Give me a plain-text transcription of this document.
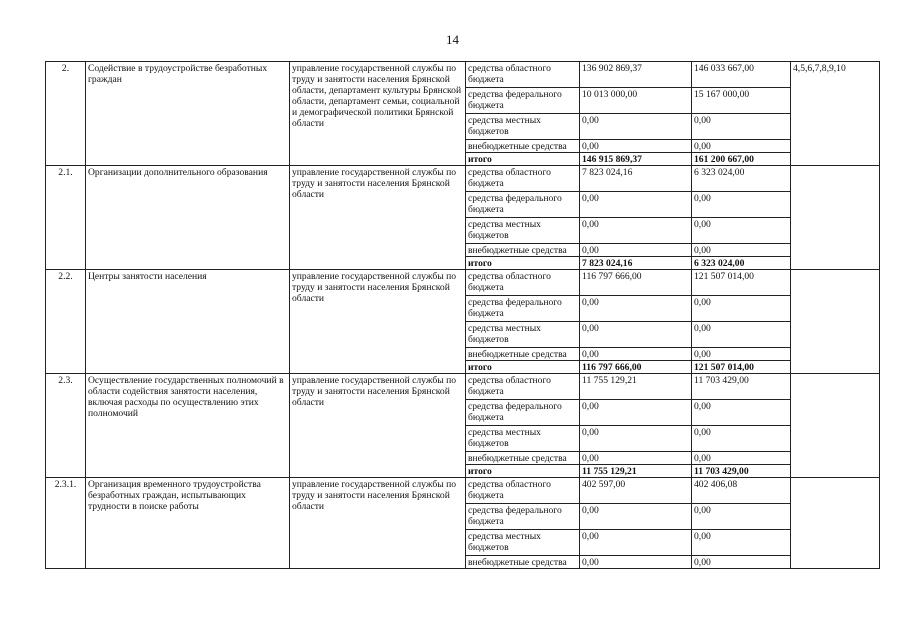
14
2.	Содействие в трудоустройстве безработных граждан	управление государственной службы по труду и занятости населения Брянской области, департамент культуры Брянской области, департамент семьи, социальной и демографической политики Брянской области	средства областного бюджета	136 902 869,37	146 033 667,00	4,5,6,7,8,9,10
			средства федерального бюджета	10 013 000,00	15 167 000,00	
			средства местных бюджетов	0,00	0,00	
			внебюджетные средства	0,00	0,00	
			итого	146 915 869,37	161 200 667,00	
2.1.	Организации дополнительного образования	управление государственной службы по труду и занятости населения Брянской области	средства областного бюджета	7 823 024,16	6 323 024,00	
			средства федерального бюджета	0,00	0,00	
			средства местных бюджетов	0,00	0,00	
			внебюджетные средства	0,00	0,00	
			итого	7 823 024,16	6 323 024,00	
2.2.	Центры занятости населения	управление государственной службы по труду и занятости населения Брянской области	средства областного бюджета	116 797 666,00	121 507 014,00	
			средства федерального бюджета	0,00	0,00	
			средства местных бюджетов	0,00	0,00	
			внебюджетные средства	0,00	0,00	
			итого	116 797 666,00	121 507 014,00	
2.3.	Осуществление государственных полномочий в области содействия занятости населения, включая расходы по осуществлению этих полномочий	управление государственной службы по труду и занятости населения Брянской области	средства областного бюджета	11 755 129,21	11 703 429,00	
			средства федерального бюджета	0,00	0,00	
			средства местных бюджетов	0,00	0,00	
			внебюджетные средства	0,00	0,00	
			итого	11 755 129,21	11 703 429,00	
2.3.1.	Организация временного трудоустройства безработных граждан, испытывающих трудности в поиске работы	управление государственной службы по труду и занятости населения Брянской области	средства областного бюджета	402 597,00	402 406,08	
			средства федерального бюджета	0,00	0,00	
			средства местных бюджетов	0,00	0,00	
			внебюджетные средства	0,00	0,00	
